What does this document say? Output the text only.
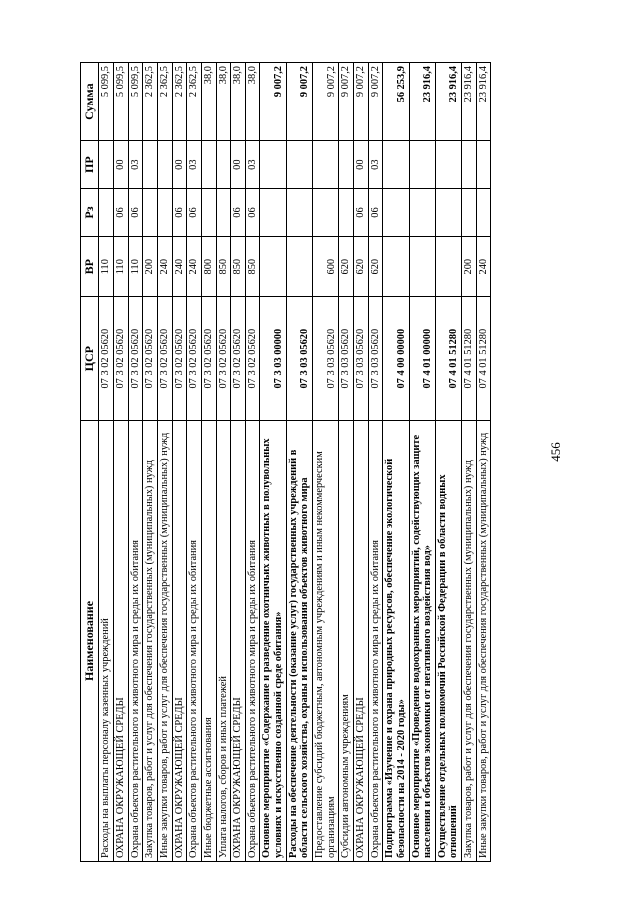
456
Наименование	ЦСР	ВР	Рз	ПР	Сумма
Расходы на выплаты персоналу казенных учреждений	07 3 02 05620	110			5 099,5
ОХРАНА ОКРУЖАЮЩЕЙ СРЕДЫ	07 3 02 05620	110	06	00	5 099,5
Охрана объектов растительного и животного мира и среды их обитания	07 3 02 05620	110	06	03	5 099,5
Закупка товаров, работ и услуг для обеспечения государственных (муниципальных) нужд	07 3 02 05620	200			2 362,5
Иные закупки товаров, работ и услуг для обеспечения государственных (муниципальных) нужд	07 3 02 05620	240			2 362,5
ОХРАНА ОКРУЖАЮЩЕЙ СРЕДЫ	07 3 02 05620	240	06	00	2 362,5
Охрана объектов растительного и животного мира и среды их обитания	07 3 02 05620	240	06	03	2 362,5
Иные бюджетные ассигнования	07 3 02 05620	800			38,0
Уплата налогов, сборов и иных платежей	07 3 02 05620	850			38,0
ОХРАНА ОКРУЖАЮЩЕЙ СРЕДЫ	07 3 02 05620	850	06	00	38,0
Охрана объектов растительного и животного мира и среды их обитания	07 3 02 05620	850	06	03	38,0
Основное мероприятие «Содержание и разведение охотничьих животных в полувольных условиях и искусственно созданной среде обитания»	07 3 03 00000				9 007,2
Расходы на обеспечение деятельности (оказание услуг) государственных учреждений в области сельского хозяйства, охраны и использования объектов животного мира	07 3 03 05620				9 007,2
Предоставление субсидий бюджетным, автономным учреждениям и иным некоммерческим организациям	07 3 03 05620	600			9 007,2
Субсидии автономным учреждениям	07 3 03 05620	620			9 007,2
ОХРАНА ОКРУЖАЮЩЕЙ СРЕДЫ	07 3 03 05620	620	06	00	9 007,2
Охрана объектов растительного и животного мира и среды их обитания	07 3 03 05620	620	06	03	9 007,2
Подпрограмма «Изучение и охрана природных ресурсов, обеспечение экологической безопасности на 2014 - 2020 годы»	07 4 00 00000				56 253,9
Основное мероприятие «Проведение водоохранных мероприятий, содействующих защите населения и объектов экономики от негативного воздействия вод»	07 4 01 00000				23 916,4
Осуществление отдельных полномочий Российской Федерации в области водных отношений	07 4 01 51280				23 916,4
Закупка товаров, работ и услуг для обеспечения государственных (муниципальных) нужд	07 4 01 51280	200			23 916,4
Иные закупки товаров, работ и услуг для обеспечения государственных (муниципальных) нужд	07 4 01 51280	240			23 916,4
